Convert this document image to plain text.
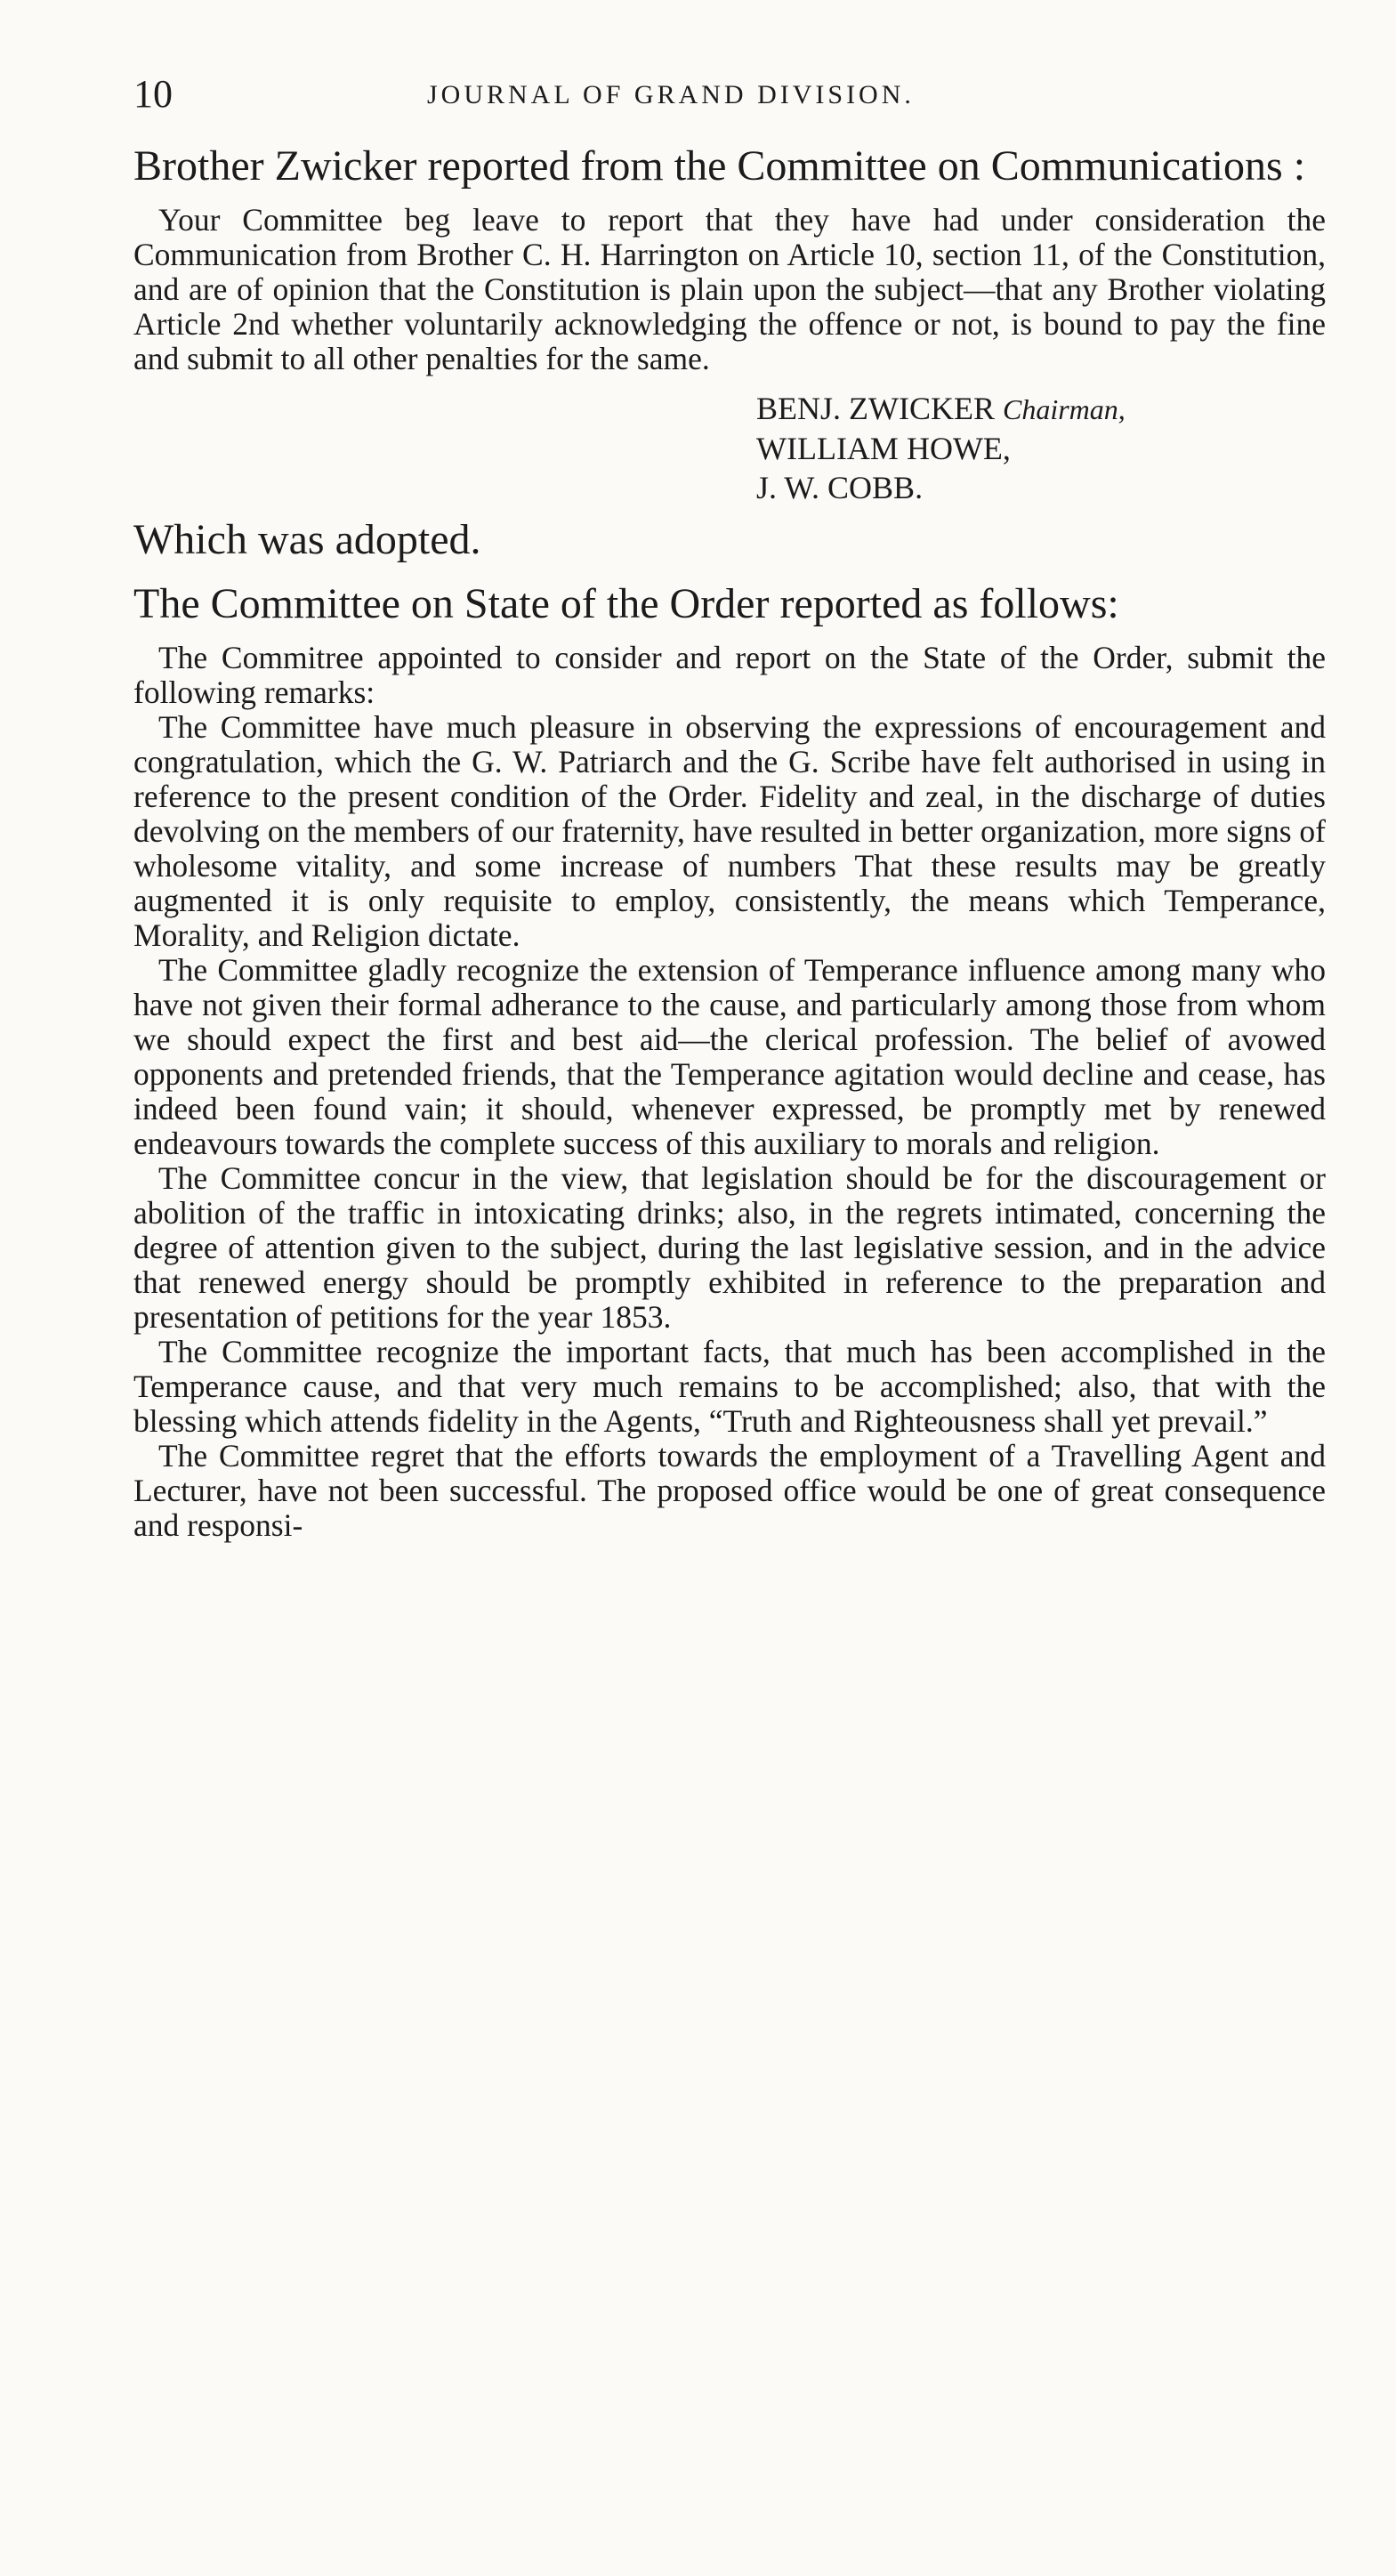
10	JOURNAL OF GRAND DIVISION.
Brother Zwicker reported from the Committee on Communications :

Your Committee beg leave to report that they have had under consideration the Communication from Brother C. H. Harrington on Article 10, section 11, of the Constitution, and are of opinion that the Constitution is plain upon the subject—that any Brother violating Article 2nd whether voluntarily acknowledging the offence or not, is bound to pay the fine and submit to all other penalties for the same.

BENJ. ZWICKER Chairman,
WILLIAM HOWE,
J. W. COBB.
Which was adopted.
The Committee on State of the Order reported as follows:

The Commitree appointed to consider and report on the State of the Order, submit the following remarks:

The Committee have much pleasure in observing the expressions of encouragement and congratulation, which the G. W. Patriarch and the G. Scribe have felt authorised in using in reference to the present condition of the Order. Fidelity and zeal, in the discharge of duties devolving on the members of our fraternity, have resulted in better organization, more signs of wholesome vitality, and some increase of numbers That these results may be greatly augmented it is only requisite to employ, consistently, the means which Temperance, Morality, and Religion dictate.

The Committee gladly recognize the extension of Temperance influence among many who have not given their formal adherance to the cause, and particularly among those from whom we should expect the first and best aid—the clerical profession. The belief of avowed opponents and pretended friends, that the Temperance agitation would decline and cease, has indeed been found vain; it should, whenever expressed, be promptly met by renewed endeavours towards the complete success of this auxiliary to morals and religion.

The Committee concur in the view, that legislation should be for the discouragement or abolition of the traffic in intoxicating drinks; also, in the regrets intimated, concerning the degree of attention given to the subject, during the last legislative session, and in the advice that renewed energy should be promptly exhibited in reference to the preparation and presentation of petitions for the year 1853.

The Committee recognize the important facts, that much has been accomplished in the Temperance cause, and that very much remains to be accomplished; also, that with the blessing which attends fidelity in the Agents, “Truth and Righteousness shall yet prevail.”

The Committee regret that the efforts towards the employment of a Travelling Agent and Lecturer, have not been successful. The proposed office would be one of great consequence and responsi-
